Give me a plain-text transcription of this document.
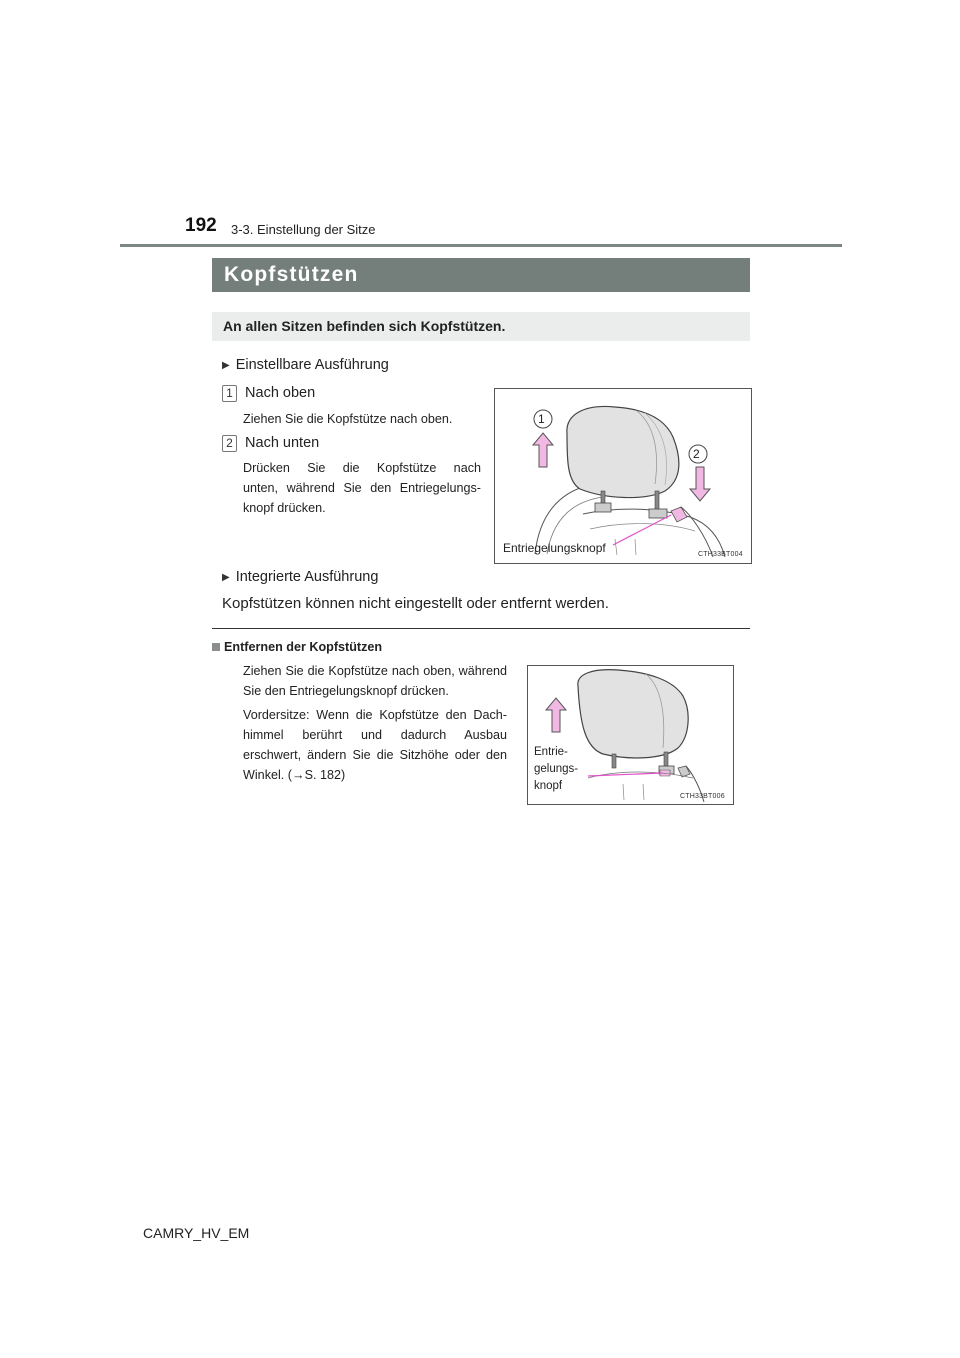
192 3-3. Einstellung der Sitze
Kopfstützen
An allen Sitzen befinden sich Kopfstützen.
▶ Einstellbare Ausführung
1 Nach oben
Ziehen Sie die Kopfstütze nach oben.
2 Nach unten
Drücken Sie die Kopfstütze nach
unten, während Sie den Entriegelungs-
knopf drücken.
1
2
Entriegelungsknopf	CTH33BT004
▶ Integrierte Ausführung
Kopfstützen können nicht eingestellt oder entfernt werden.
Entfernen der Kopfstützen
Ziehen Sie die Kopfstütze nach oben, während
Sie den Entriegelungsknopf drücken.
Vordersitze: Wenn die Kopfstütze den Dach-
himmel berührt und dadurch Ausbau
erschwert, ändern Sie die Sitzhöhe oder den
Winkel. (→S. 182)
Entrie-
gelungs-
knopf
CTH33BT006
CAMRY_HV_EM
